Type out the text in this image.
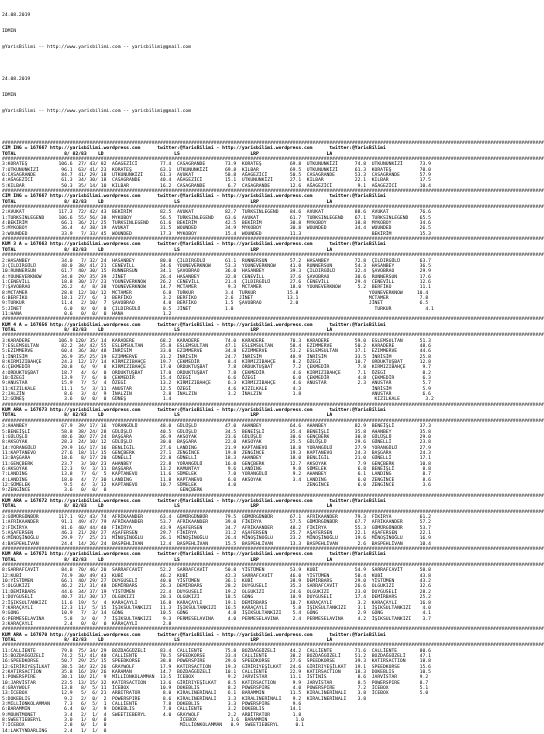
24.08.2019

IDMIN

@YarisBilimi -- http://www.yarisbilimi.com -- yarisbilimi@gmail.com

24.08.2019

IDMIN

@YarisBilimi -- http://www.yarisbilimi.com -- yarisbilimi@gmail.com

################################################################################################################################################################################################
CIM ING = 167667 http://yarisbilimi.wordpress.com      twitter:@YarisBilimi - http://yarisbilimi.wordpress.com      twitter:@YarisBilimi
TOTAL                 8/ 82/83    LD                         LS                         LRP                        LA
################################################################################################################################################################################################
3:KORATEŞ           106.6  27/ 43/ 82  AĞAGEZİCİ        77.4  CASAGRANDE       73.9  KORATEŞ          69.8  UTKUNUNKİZİ      74.8  UTKUNUNKİZİ      73.9
7:UTKUNUNKİZİ        96.1  63/ 41/ 23  KORATEŞ          63.1  UTKUNUNKİZİ      69.8  KILBAR           69.5  UTKUNUNKİZİ      61.3  KORATEŞ          70.0
6:CASAGRANDE         84.7  41/ 29/ 18  UTKUNUNKİZİ      61.3  AVUKAT           58.8  AĞAGEZİCİ        50.5  CASAGRANDE       53.3  CASAGRANDE       57.9
4:AĞAGEZİCİ          61.3  34/ 30/ 18  CASAGRANDE       40.4  AĞAGEZİCİ        15.1  UTKUNUNKİZİ      27.1  KILBAR           22.1  KILBAR           17.5
5:KILBAR             50.3  35/ 14/ 10  KILBAR           16.2  CASAGRANDE        6.7  CASAGRANDE       12.6  AĞAGEZİCİ         9.1  AĞAGEZİCİ        10.4
################################################################################################################################################################################################
CIM ING = 167667 http://yarisbilimi.wordpress.com      twitter:@YarisBilimi - http://yarisbilimi.wordpress.com      twitter:@YarisBilimi
TOTAL                 8/ 82/83    LD                         LS                         LRP                        LA
################################################################################################################################################################################################
2:AVUKAT            117.3  72/ 42/ 43  BEKİRİM          82.5  AVUKAT           82.7  TURKSINLEGEND    84.6  AVUKAT           88.6  AVUKAT           76.6
1:TURKSINLEGEND     106.6  55/ 56/ 38  MYKOBOY          56.5  TURKSINLEGEND    63.6  AVUKAT           61.7  TURKSINLEGEND    67.1  TURKSINLEGEND    65.5
4:BEKİRİM            66.1  36/ 21/ 25  TURKSINLEGEND    61.6  BEKİRİM          42.5  BEKİRİM          30.8  MYKOBOY          38.8  MYKOBOY          34.6
5:MYKOBOY            36.4   4/ 38/ 19  AVUKAT           31.5  WOUNDED          34.9  MYKOBOY          30.8  WOUNDED          34.4  WOUNDED          26.5
3:WOUNDED            33.9   7/ 33/ 45  WOUNDED          17.3  MYKOBOY          15.4  WOUNDED          11.3                         BEKİRİM          15.3
################################################################################################################################################################################################
KUM 3 A = 167663 http://yarisbilimi.wordpress.com      twitter:@YarisBilimi - http://yarisbilimi.wordpress.com      twitter:@YarisBilimi
TOTAL                 8/ 82/83    LD                         LS                         LRP                        LA
################################################################################################################################################################################################
2:HASANBEY           34.0   7/ 32/ 24  HASANBEY         80.0  ÇILDIRGÜLÜ       61.1  RUNNERSUN        57.2  HASANBEY         72.8  ÇILDIRGÜLÜ       63.7
3:ÇILDIRGÜLÜ         48.0  38/ 41/ 21  CENEVİLL         34.6  YOUNEVERKNOW     53.3  YOUNEVERKNOW     41.0  RUNNERSUN        54.3  HASANBEY         36.5
10:RUNNERSUN         61.7  40/ 30/ 15  RUNNERSUN        34.1  ŞAVOBRAO         36.0  HASANBEY         39.3  ÇILDIRGÜLÜ       32.4  ŞAVOBRAO         29.9
4:YOUNEVERKNOW       34.8  29/ 35/ 39  JİNET            26.4  HASANBEY         32.8  CENEVİLL         37.6  ŞAVOBRAO         30.6  RUNNERSUN        17.6
1:CENEVİLL           18.8  30/ 17/ 23  YOUNEVERKNOW     26.2  CENEVİLL         21.4  ÇILDIRGÜLÜ       27.6  CENEVİLL         29.4  CENEVİLL         12.6
7:ŞAVOBRAO           26.2   4/  8/ 38  YOUNEVERKNOW     14.7  MCTAMER           9.3  MCTAMER          18.0  YOUNEVERKNOW      5.2  BERFİKO          11.1
8:MCTAMER            28.8  12/ 10/ 12  MCTAMER           6.8  TURKUR           3.4  TURKUR           15.8                         YOUNEVERKNOW     10.4
6:BERFİKO            18.1  27/  6/  3  BERFİKO           3.2  BERFİKO          2.6  JİNET            13.1                         MCTAMER           7.8
9:TURKUR             11.4   2/ 10/  7  ŞAVOBRAO          4.0  BERFİKO          1.5  ŞAVOBRAO          2.0                         JİNET             6.5
5:JİNET               6.0   8/  0/  0  ÇILDIRGÜLÜ        0.5  JİNET            1.0                                                  TURKUR            4.1
11:HANA               0.6   0/  0/  0  HANA              1.2
################################################################################################################################################################################################
KUM 4 A = 167656 http://yarisbilimi.wordpress.com      twitter:@YarisBilimi - http://yarisbilimi.wordpress.com      twitter:@YarisBilimi
TOTAL                 8/ 82/83    LD                         LS                         LRP                        LA
################################################################################################################################################################################################
3:KARADERE          106.9 120/ 35/ 14  KARADERE         68.2  KARADERE         74.0  KARADERE         70.3  KARADERE         59.0  ESLEMSULTAN      51.3
7:ESLEMSULTAN        82.2  34/ 42/ 55  ESLEMSULTAN      35.8  ESLEMSULTAN      47.1  ESLEMSULTAN      58.4  EZIMMERVE        50.2  KARADERE         48.6
5:EZIMMERVE          60.4  36/ 30/ 48  İNRİSİM          33.0  EZIMMERVE        34.8  EZIMMERVE        53.2  ESLEMSULTAN      37.1  EZIMMERVE        44.6
1:İNRİSİM            26.9  35/ 25/ 19  EZIMMERVE        31.2  İNRİSİM          24.7  İNRİSİM          48.9  İNRİSİM          33.5  İNRİSİM          25.8
8:KIRMIZIBAHÇE       24.3  12/ 17/ 14  KIRMIZIBAHÇE     19.7  ÇEKMEDİR          8.4  KIRMIZIBAHÇE      8.2  ÖZEGİ            10.7  ORDUKTUŞBAT      12.8
6:ÇEKMEDİR           20.8   6/  9/  8  KIRMIZIBAHÇE     17.0  ORDUKTUŞBAT       7.8  ORDUKTUŞBAT       7.2  ÇEKMEDİR          7.8  KIRMIZIBAHÇE      9.7
4:ORDUKTUŞBAT        18.7   4/  6/  0  ORDUKTUŞBAT      17.0  ORDUKTUŞBAT       7.8  ÇEKMEDİR          4.6  KIRMIZIBAHÇE      7.1  ÖZEGİ             8.2
10:ÖZEGİ             13.9   7/  6/  0  ÇEKMEDİR         15.4  ÖZEGİ             6.6  ÖZEGİ             6.0  ÇEKMEDİR          4.8  ÇEKMEDİR          6.3
9:ANUSTAR            15.9   7/  5/  4  ÖZEGİ            13.2  KIRMIZIBAHÇE      6.3  KIRMIZIBAHÇE      4.6  ANUSTAR           2.3  ANUSTAR           5.7
11:KIZILKALE         11.1   5/  3/ 11  ANUSTAR          12.5  ÖZEGİ             4.6  KIZILKALE         4.3                         İNRİSİM           5.9
2:JALZİN              8.6   3/  4/  9  İNALZIN           2.8  İNALZIN           3.2  İNALZIN           1.8                         ANUSTAR           6.6
12:GÜNEŞ              3.6   0/  0/  0  GÜNEŞ             1.4                                                                        KIZILKALE         3.2
################################################################################################################################################################################################
KUM ARA = 167673 http://yarisbilimi.wordpress.com      twitter:@YarisBilimi - http://yarisbilimi.wordpress.com      twitter:@YarisBilimi
TOTAL                 8/ 82/83    LD                         LS                         LRP                        LA
################################################################################################################################################################################################
3:AHANBEY            67.9  39/ 17/ 16  YORANGÜLÜ        48.0  GÜLÜŞLÜ          47.0  AHANBEY          64.6  AHANBEY          82.9  BENEİŞLİ         37.3
5:BENEİŞLİ           58.8  38/ 24/ 28  GÜLÜŞLÜ          40.5  GÜLÜŞLÜ          34.5  BENEİŞLİ         35.4  BENEİŞLİ         35.8  AHANBEY          35.8
1:GÜLÜŞLÜ            48.6  30/ 27/ 24  BAŞGARA          36.9  AKSOYAK          23.6  GÜLÜŞLÜ          30.6  GENÇBERK         30.8  GÜLÜŞLÜ          29.0
8:AKSOYAK            28.3  24/ 10/ 12  GÜLÜŞLÜ          30.0  BAŞGARA          22.0  AKSOYAK          25.5  GÜLÜŞLÜ          29.6  GÜNELLİ          23.8
14:YORANGÜLÜ         29.9  16/ 17/ 16  BENLİGİL         27.6  LANDING          21.9  KAPTANEVO        18.8  YORANGÜLÜ        27.9  YORANGÜLÜ        27.9
11:KAPTANEVO         27.6  18/ 11/ 15  GENÇBERK         27.1  ZENGİNCE         19.8  ZENGİNCE         19.3  KAPTANEVO        24.3  BAŞGARA          24.3
13:BAŞGARA           18.6   8/ 17/ 20  GÜNELLİ          22.8  GÜNELLİ          18.3  AHANBEY          18.0  BENLİGİL         21.0  GÜNELLİ          17.1
11:GENÇBERK          23.7   3/ 10/ 23  AHANBEY          22.8  YORANGÜLÜ        16.0  GENÇBERK         12.7  AKSOYAK           7.9  GENÇBERK         10.8
6:AKSOYAK            12.3   9/  3/ 11  BAŞGARA          13.2  KAMUNTAY          9.6  LANDING           9.8  SÜMELEK           6.8  BENEİŞLİ          8.8
7:LANDING            13.8   7/  6/  5  KAPTANEVO        11.6  SÜMELEK           7.0  YORANGÜLÜ         9.2  AHANBEY           6.1  LANDING           8.7
4:LANDING            18.0   4/  7/ 30  LANDING          11.8  KAPTANEVO         6.0  AKSOYAK           3.4  LANDING           6.0  ZENGİNCE          8.6
12:SÜMELEK            9.5   4/  3/ 12  KAPTANEVO        10.7  SÜMELEK           4.0                         ZENGİNCE          6.0  ZENGİNCE          3.6
9:ZENGİNCE            3.6   0/  0/  0                          GENÇBERK
################################################################################################################################################################################################
KUM ARA = 167672 http://yarisbilimi.wordpress.com      twitter:@YarisBilimi - http://yarisbilimi.wordpress.com      twitter:@YarisBilimi
TOTAL                 8/ 82/83    LD                         LS                         LRP                        LA
################################################################################################################################################################################################
3:GÜMÜRGÜNBÜR       117.1  92/ 43/ 74  AFRİKAANDER      63.4  GÜMÜRGÜNBÜR      79.5  GÜMÜRGÜNBÜR      67.1  AFRİKAANDER      79.3  FİKİRYA          61.2
1:AFRİKAANDER        91.1  49/ 47/ 79  AFRİKAANDER      53.7  AFRİKAANDER      39.0  FİKİRYA          57.5  GÜMÜRGÜNBÜR      67.7  AFRİKAANDER      57.2
2:FİKİRYA            81.6  40/ 44/ 40  FİKİRYA          43.9  AŞAFERSEN        34.7  AFRİKAANDER      48.2  FİKİRYA          55.3  GÜMÜRGÜNBÜR      53.7
5:AŞAFERSEN          46.3  21/ 28/ 27  AŞAFERSEN        29.7  FİKİRYA          31.2  AŞAFERSEN        25.7  AŞAFERSEN        22.1  AŞAFERSEN        22.1
6:MİNOŞİNOĞLU        29.9  7/  25/ 21  MİNOŞİNOĞLU      26.1  MİNOŞİNOĞLU      26.4  MİNOŞİNOĞLU      23.2  MİNOŞİNOĞLU      19.6  MİNOŞİNOĞLU      16.9
4:BASPEHLİVAN        24.4  14/ 26/ 24  BASPEHLİVAN      12.4  BASPEHLİVAN      15.5  BASPEHLİVAN      13.3  BASPEHLİVAN       2.6  BASPEHLİVAN      10.4
################################################################################################################################################################################################
KUM ARA = 167671 http://yarisbilimi.wordpress.com      twitter:@YarisBilimi - http://yarisbilimi.wordpress.com      twitter:@YarisBilimi
TOTAL                 8/ 82/83    LD                         LS                         LRP                        LA
################################################################################################################################################################################################
8:SARRAFCAVİT        84.8  70/ 46/ 20  SARRAFCAVİT      52.2  SARRAFCAVİT      50.8  YİSTÜMEN         53.9  KUBİ             54.9  SARRAFCAVİT      50.8
12:KUBİ              74.9  30/ 49/ 43  KUBİ             46.2  KUBİ             42.3  SARRAFCAVİT      46.0  YİSTÜMEN         50.4  KUBİ             43.8
10:YİSTÜMEN          66.1  40/ 29/ 27  DUYGUSELİ        40.0  YİSTÜMEN         36.1  KUBİ             38.9  DEMİRBARS        29.0  YİSTÜMEN         43.2
5:OLGUKIZI           46.2  21/ 31/ 48  DEMİRBARS        26.3  DEMİRBARS        28.2  DUYGUSELİ        35.3  SARRAFCAVİT      26.6  OLGUKIZI         32.6
11:DEMİRBARS         44.6  34/ 37/ 19  YİSTÜMEN         22.4  DUYGUSELİ        19.2  OLGUKIZI         24.6  OLGUKIZI         23.0  DUYGUSELİ        28.2
1:DUYGUSELİ          40.7  31/ 30/ 17  OLGUKIZI         20.3  OLGUKIZI         18.5  GONG             10.9  DUYGUSELİ        17.4  DEMİRBARS        25.2
2:İŞIKSULTANKIZI     11.6  19/  5/  4  KARAÇAYLI        16.8  KARAÇAYLI        19.1  DEMİRBARS        10.7  KARAÇAYLI         3.2  KARAÇAYLI        16.8
7:KARAÇAYLI          12.3  11/  5/ 15  İŞIKSULTANKIZI   11.3  İŞIKSULTANKIZI   16.5  KARAÇAYLI         5.8  İŞIKSULTANKIZI    3.1  İŞIKSULTANKIZI    4.0
9:GONG               10.9   7/  3/ 14  GONG             10.5  GONG              4.8  İŞIKSULTANKIZI    5.4  GONG              2.9  GONG              4.1
6:PERMESELAVINA       5.8   3/  0/  7  İŞIKSULTANKIZI    9.3  PERMESELAVINA     4.0  PERMESELAVINA     2.4  PERMESELAVINA     4.2  İŞIKSULTANKIZI    3.7
3:KARAÇAYLI           2.4   0/  0/  0  KARAÇAYLI         2.8
################################################################################################################################################################################################
KUM ARA = 167670 http://yarisbilimi.wordpress.com      twitter:@YarisBilimi - http://yarisbilimi.wordpress.com      twitter:@YarisBilimi
TOTAL                 8/ 82/83    LD                         LS                         LRP                        LA
################################################################################################################################################################################################
11:CALLİENTE         79.8  75/ 34/ 29  BOZDAĞGÜZELİ     83.4  CALLİENTE        75.8  BOZDAĞGÜZELİ     44.2  CALLİENTE        71.6  CALLİENTE        80.6
15:BOZDAĞGÜZELİ      74.2  51/ 41/ 40  CALLİENTE        70.5  SPEEDKORSE       33.4  CALLİENTE        38.2  BOZDAĞGÜZELİ     51.2  BOZDAĞGÜZELİ     47.1
16:SPEEDKORSE        50.7  29/ 25/ 15  SPEEDKORSE       38.8  POWERSPIRE       29.6  SPEEDKORSE       27.6  SPEEDKORSE       39.3  KATIRSACTION     18.8
12:GİRİRIYEŞİLKAT    38.5  34/ 32/ 26  GRAYWOLF         17.9  KATIRSACTION     19.3  GİRİRIYEŞİLKAT   24.6  GİRİRIYEŞİLKAT   19.1  SPEEDKORSE       15.6
2:KATIRSACTION       35.8  16/ 19/ 26  KARAMAN          14.7  BOZDAĞGÜZELİ     10.1  CALLİENTE        22.9  KATIRSACTION     18.3  DOKEBLIS         10.5
1:POWERSPIRE         30.1  10/ 21/  9  MİLLİONKOLAMMAN  13.5  İCEBOX            9.2  JARVİSTAR        11.1  İSTİNİS           8.6  JARVİSTAR        9.2
10:JARVİSTAR         23.5  13/ 15/ 32  KATIRSACTION     13.6  GİRİRIYEŞİLKAT    8.5  KATIRSACTION      9.9  JARVİSTAR         8.5  POWERSPIRE       8.7
4:GRAYWOLF           13.8   8/  5/ 11  İCEBOX           10.9  DOKEBLIS          8.2  POWERSPIRE        4.0  POWERSPIRE        7.2  İCEBOX           5.1
13:İCEBOX            12.9   5/  6/ 21  ARBITRATOR        8.0  KIRALINERİNALI    6.1  BARAMMIN         11.5  KIRALINERİNALI    3.8  İCEBOX           5.0
5:DOKEBLIS            9.2   2/  0/  2  POWERSPIRE        8.6  KIRALINERİNALI    3.3  KIRALINERİNALI    9.2  KIRALINERİNALI    3.8
3:MILLİONKOLAMMAN     7.3   6/  5/  1  CALLİENTE         7.8  DOKEBLIS          3.3  POWERSPIRE        9.6
6:BARAMMIN            6.4   0/  3/  9  DOKEBLIS          7.8  CALLİENTE         3.2  DOKEBLIS         14.1
9:MOUNTMONET          3.4   2/  1/  4  SWEETIEBERYL      4.0  GRAYWOLF          2.2  ARBİTRATOR        1.8
8:SWEETIEBERYL        3.0   1/  0/  0                          İCEBOX            1.6  BARAMMIN          1.0
7:İCEBOX              2.8   0/  1/  0                          MİLLİONKOLAMMAN   0.9  SWEETIEBERYL      0.1
14:LAKTYNDARLING      2.4   1/  1/  0
